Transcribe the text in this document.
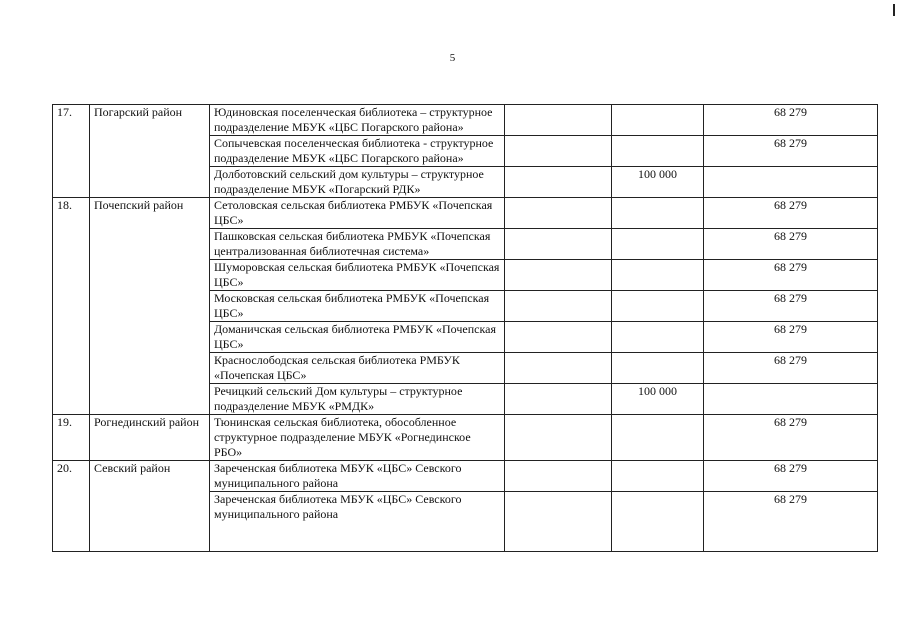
5
17.	Погарский район	Юдиновская поселенческая библиотека – структурное подразделение МБУК «ЦБС Погарского района»			68 279
		Сопычевская поселенческая библиотека - структурное подразделение МБУК «ЦБС Погарского района»			68 279
		Долботовский сельский дом культуры – структурное подразделение МБУК «Погарский РДК»		100 000	
18.	Почепский район	Сетоловская сельская библиотека РМБУК «Почепская ЦБС»			68 279
		Пашковская сельская библиотека РМБУК «Почепская централизованная библиотечная система»			68 279
		Шумоpовская сельская библиотека РМБУК «Почепская ЦБС»			68 279
		Московская сельская библиотека РМБУК «Почепская ЦБС»			68 279
		Доманичская сельская библиотека РМБУК «Почепская ЦБС»			68 279
		Краснослободская сельская библиотека РМБУК «Почепская ЦБС»			68 279
		Речицкий сельский Дом культуры – структурное подразделение МБУК «РМДК»		100 000	
19.	Рогнединский район	Тюнинская сельская библиотека, обособленное структурное подразделение МБУК «Рогнединское РБО»			68 279
20.	Севский район	Зареченская библиотека МБУК «ЦБС» Севского муниципального района			68 279
		Зареченская библиотека МБУК «ЦБС» Севского муниципального района			68 279
